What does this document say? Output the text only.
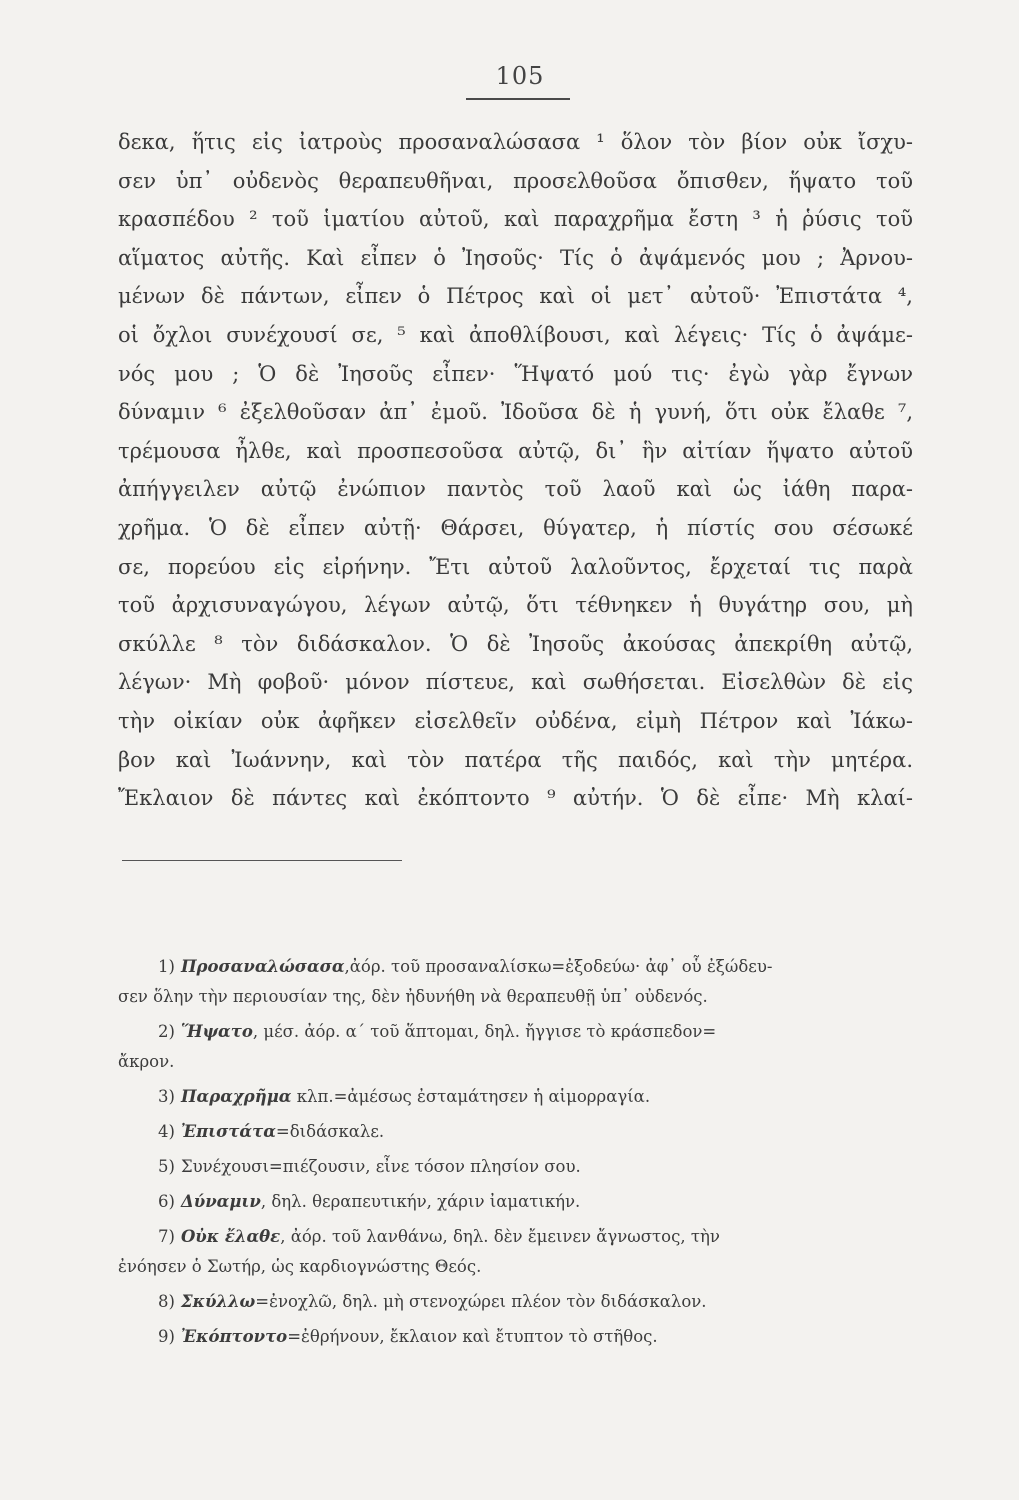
105
δεκα, ἥτις εἰς ἰατροὺς προσαναλώσασα ¹ ὅλον τὸν βίον οὐκ ἴσχυ-
σεν ὑπ᾿ οὐδενὸς θεραπευθῆναι, προσελθοῦσα ὄπισθεν, ἥψατο τοῦ
κρασπέδου ² τοῦ ἱματίου αὐτοῦ, καὶ παραχρῆμα ἔστη ³ ἡ ῥύσις τοῦ
αἵματος αὐτῆς. Καὶ εἶπεν ὁ Ἰησοῦς· Τίς ὁ ἀψάμενός μου ; Ἀρνου-
μένων δὲ πάντων, εἶπεν ὁ Πέτρος καὶ οἱ μετ᾿ αὐτοῦ· Ἐπιστάτα ⁴,
οἱ ὄχλοι συνέχουσί σε, ⁵ καὶ ἀποθλίβουσι, καὶ λέγεις· Τίς ὁ ἀψάμε-
νός μου ; Ὁ δὲ Ἰησοῦς εἶπεν· Ἥψατό μού τις· ἐγὼ γὰρ ἔγνων
δύναμιν ⁶ ἐξελθοῦσαν ἀπ᾿ ἐμοῦ. Ἰδοῦσα δὲ ἡ γυνή, ὅτι οὐκ ἔλαθε ⁷,
τρέμουσα ἦλθε, καὶ προσπεσοῦσα αὐτῷ, δι᾿ ἣν αἰτίαν ἥψατο αὐτοῦ
ἀπήγγειλεν αὐτῷ ἐνώπιον παντὸς τοῦ λαοῦ καὶ ὡς ἰάθη παρα-
χρῆμα. Ὁ δὲ εἶπεν αὐτῇ· Θάρσει, θύγατερ, ἡ πίστίς σου σέσωκέ
σε, πορεύου εἰς εἰρήνην. Ἔτι αὐτοῦ λαλοῦντος, ἔρχεταί τις παρὰ
τοῦ ἀρχισυναγώγου, λέγων αὐτῷ, ὅτι τέθνηκεν ἡ θυγάτηρ σου, μὴ
σκύλλε ⁸ τὸν διδάσκαλον. Ὁ δὲ Ἰησοῦς ἀκούσας ἀπεκρίθη αὐτῷ,
λέγων· Μὴ φοβοῦ· μόνον πίστευε, καὶ σωθήσεται. Εἰσελθὼν δὲ εἰς
τὴν οἰκίαν οὐκ ἀφῆκεν εἰσελθεῖν οὐδένα, εἰμὴ Πέτρον καὶ Ἰάκω-
βον καὶ Ἰωάννην, καὶ τὸν πατέρα τῆς παιδός, καὶ τὴν μητέρα.
Ἔκλαιον δὲ πάντες καὶ ἐκόπτοντο ⁹ αὐτήν. Ὁ δὲ εἶπε· Μὴ κλαί-
1) Προσαναλώσασα,ἀόρ. τοῦ προσαναλίσκω=ἐξοδεύω· ἀφ᾿ οὗ ἐξώδευ-
σεν ὅλην τὴν περιουσίαν της, δὲν ἠδυνήθη νὰ θεραπευθῇ ὑπ᾿ οὐδενός.
2) Ἥψατο, μέσ. ἀόρ. α΄ τοῦ ἅπτομαι, δηλ. ἤγγισε τὸ κράσπεδον=
ἄκρον.
3) Παραχρῆμα κλπ.=ἀμέσως ἐσταμάτησεν ἡ αἱμορραγία.
4) Ἐπιστάτα=διδάσκαλε.
5) Συνέχουσι=πιέζουσιν, εἶνε τόσον πλησίον σου.
6) Δύναμιν, δηλ. θεραπευτικήν, χάριν ἰαματικήν.
7) Οὐκ ἔλαθε, ἀόρ. τοῦ λανθάνω, δηλ. δὲν ἔμεινεν ἄγνωστος, τὴν
ἐνόησεν ὁ Σωτήρ, ὡς καρδιογνώστης Θεός.
8) Σκύλλω=ἐνοχλῶ, δηλ. μὴ στενοχώρει πλέον τὸν διδάσκαλον.
9) Ἐκόπτοντο=ἐθρήνουν, ἔκλαιον καὶ ἔτυπτον τὸ στῆθος.
